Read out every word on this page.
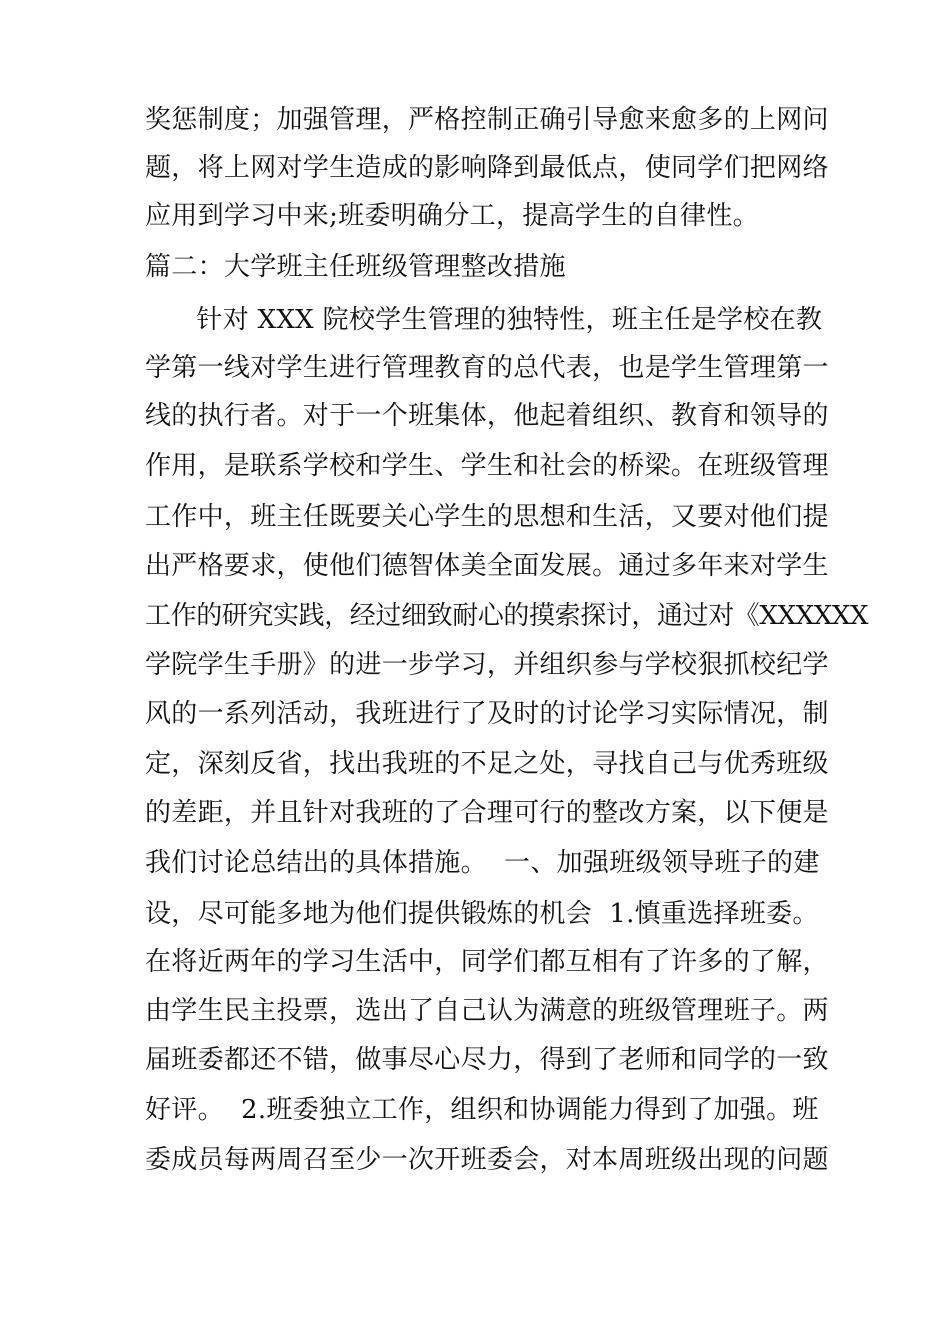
奖惩制度；加强管理，严格控制正确引导愈来愈多的上网问
题，将上网对学生造成的影响降到最低点，使同学们把网络
应用到学习中来;班委明确分工，提高学生的自律性。
篇二：大学班主任班级管理整改措施
针对 XXX 院校学生管理的独特性，班主任是学校在教
学第一线对学生进行管理教育的总代表，也是学生管理第一
线的执行者。对于一个班集体，他起着组织、教育和领导的
作用，是联系学校和学生、学生和社会的桥梁。在班级管理
工作中，班主任既要关心学生的思想和生活，又要对他们提
出严格要求，使他们德智体美全面发展。通过多年来对学生
工作的研究实践，经过细致耐心的摸索探讨，通过对《XXXXXX
学院学生手册》的进一步学习，并组织参与学校狠抓校纪学
风的一系列活动，我班进行了及时的讨论学习实际情况，制
定，深刻反省，找出我班的不足之处，寻找自己与优秀班级
的差距，并且针对我班的了合理可行的整改方案，以下便是
我们讨论总结出的具体措施。  一、加强班级领导班子的建
设，尽可能多地为他们提供锻炼的机会  1.慎重选择班委。
在将近两年的学习生活中，同学们都互相有了许多的了解，
由学生民主投票，选出了自己认为满意的班级管理班子。两
届班委都还不错，做事尽心尽力，得到了老师和同学的一致
好评。  2.班委独立工作，组织和协调能力得到了加强。班
委成员每两周召至少一次开班委会，对本周班级出现的问题
